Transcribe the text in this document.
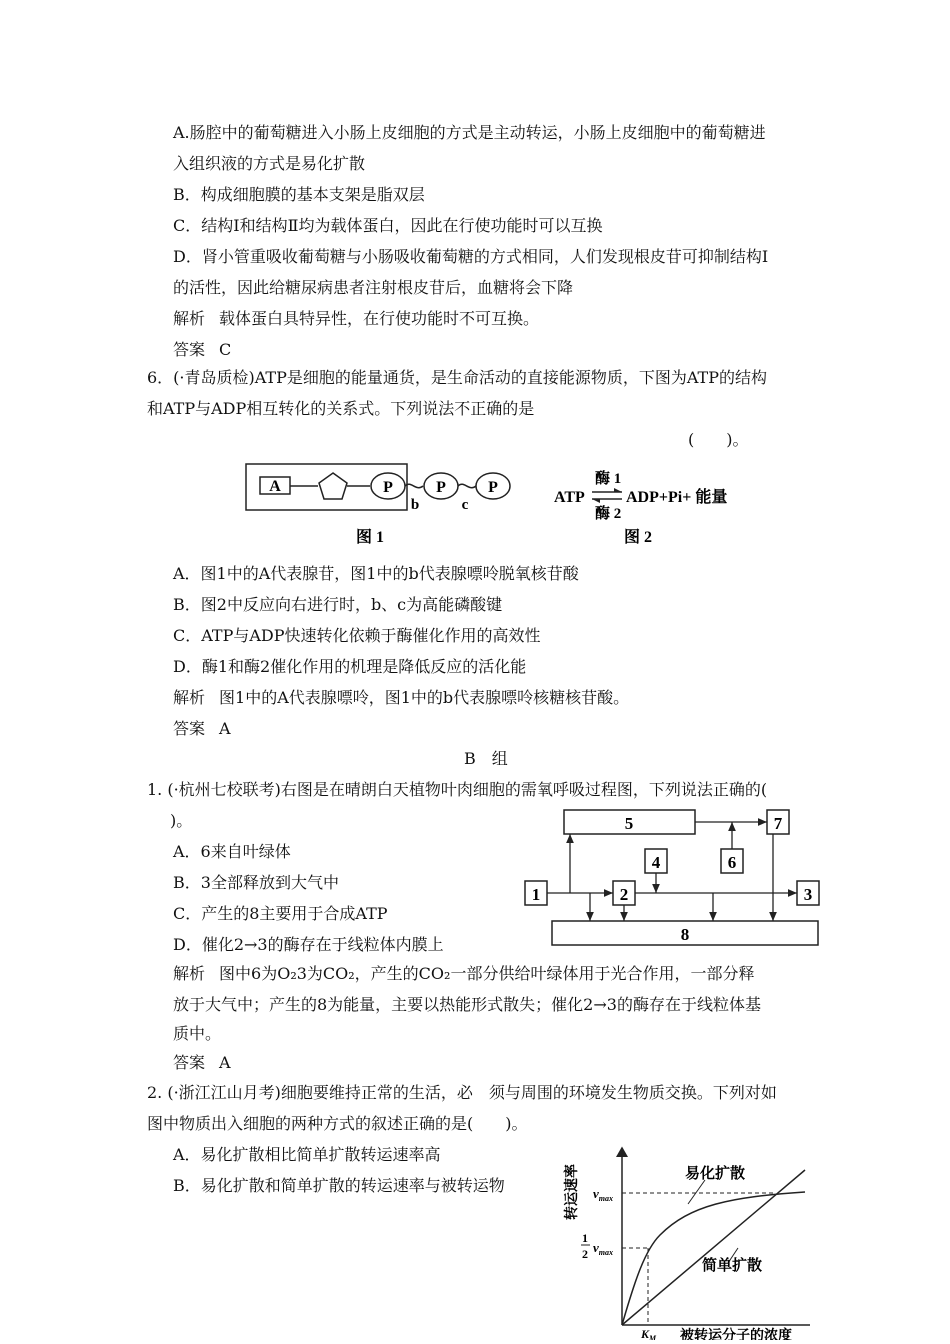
A.肠腔中的葡萄糖进入小肠上皮细胞的方式是主动转运，小肠上皮细胞中的葡萄糖进
入组织液的方式是易化扩散
B．构成细胞膜的基本支架是脂双层
C．结构Ⅰ和结构Ⅱ均为载体蛋白，因此在行使功能时可以互换
D．肾小管重吸收葡萄糖与小肠吸收葡萄糖的方式相同，人们发现根皮苷可抑制结构Ⅰ
的活性，因此给糖尿病患者注射根皮苷后，血糖将会下降
解析 载体蛋白具特异性，在行使功能时不可互换。
答案 C
6．(·青岛质检)ATP是细胞的能量通货，是生命活动的直接能源物质，下图为ATP的结构
和ATP与ADP相互转化的关系式。下列说法不正确的是
(　　)。
A	P	P	P
b	c
图 1
酶 1
ATP	ADP+Pi+ 能量
酶 2
图 2
A．图1中的A代表腺苷，图1中的b代表腺嘌呤脱氧核苷酸
B．图2中反应向右进行时，b、c为高能磷酸键
C．ATP与ADP快速转化依赖于酶催化作用的高效性
D．酶1和酶2催化作用的机理是降低反应的活化能
解析 图1中的A代表腺嘌呤，图1中的b代表腺嘌呤核糖核苷酸。
答案 A
B　组
1. (·杭州七校联考)右图是在晴朗白天植物叶肉细胞的需氧呼吸过程图，下列说法正确的(
)。
A．6来自叶绿体
B．3全部释放到大气中
C．产生的8主要用于合成ATP
D．催化2→3的酶存在于线粒体内膜上
5	7
4	6
1	2	3
8
解析 图中6为O₂3为CO₂，产生的CO₂一部分供给叶绿体用于光合作用，一部分释
放于大气中；产生的8为能量，主要以热能形式散失；催化2→3的酶存在于线粒体基
质中。
答案 A
2. (·浙江江山月考)细胞要维持正常的生活，必　须与周围的环境发生物质交换。下列对如
图中物质出入细胞的两种方式的叙述正确的是(　　)。
A．易化扩散相比简单扩散转运速率高
B．易化扩散和简单扩散的转运速率与被转运物	转运速率 $v_{max}$
1
2 $v_{max}$
$K_M$
易化扩散
简单扩散
被转运分子的浓度
